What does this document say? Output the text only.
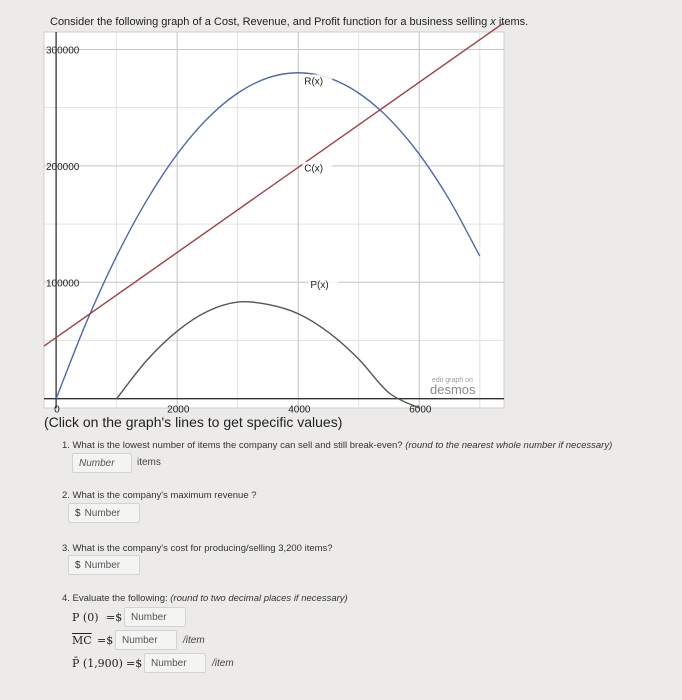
Consider the following graph of a Cost, Revenue, and Profit function for a business selling x items.
0	2000	4000	6000
100000
200000
300000
R(x)
C(x)
P(x)
edit graph on
desmos
(Click on the graph's lines to get specific values)
1. What is the lowest number of items the company can sell and still break-even? (round to the nearest whole number if necessary)
Number items
2. What is the company's maximum revenue ?
$ Number
3. What is the company's cost for producing/selling 3,200 items?
$ Number
4. Evaluate the following: (round to two decimal places if necessary)
P (0) =$ Number
$\overline{MC}$ =$ Number	/item
P̄ (1,900) =$ Number	/item
